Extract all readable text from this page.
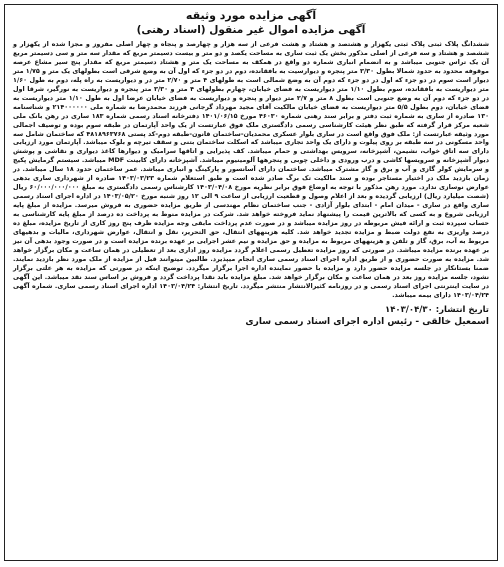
آگهی مزایده مورد وثیقه

آگهی مزایده اموال غیر منقول (اسناد رهنی)

ششدانگ پلاک ثبتی پلاک ثبتی یکهزار و هشتصد و هشتاد و هشت فرعی از سه هزار و چهارصد و پنجاه و چهار اصلی مفروز و مجزا شده از یکهزار و ششصد و هشتاد و سه فرعی از اصلی مذکور بخش یک ثبت ساری به مساحت یکصد و دو متر و بیست دسیمتر مربع که مقدار سه متر و سی دسیمتر مربع آن یک تراس جنوبی میباشد و به انضمام انباری شماره دو واقع در همکف به مساحت یک متر و هشتاد دسیمتر مربع که مقدار پنج سیر مشاع عرصه موقوفه محدود به حدود شمالا بطول ۳/۳۰ متر پنجره و دیوارسیت به بافقانده، دوم در دو جزء که اول آن به وضع شرقی است بطولهای یک متر و ۱/۷۵ متر دیوار است سوم در دو جزء که اول در دو جزء که دوم آن به وضع شمالی است به طولهای ۴ متر و ۲/۷۰ متر در و دیواریست به راه پله، دوم به طول ۱/۶۰ متر دیواریست به بافقانده، سوم بطول ۱/۱۰ متر دیواریست به فضای خیابان، چهارم بطولهای ۴ متر و ۳/۳۰ متر پنجره و دیواریست به نورگیر، شرقا اول در دو جزء که دوم آن به وضع جنوبی است بطول ۸ متر و ۲/۷ متر دیوار و پنجره و دیواریست به فضای خیابان عرضا اول به طول ۱/۱۰ متر دیواریست به فضای خیابان، دوم بطول ۵/۵ متر دیواریست به فضای خیابان مالکیت آقای مجید مهرداد گرجانی فرزند محمدرضا به شماره ملی ۲۱۴۰۰۰۰۰۰ و شناسنامه ۱۳۰ صادره از ساری به شماره ثبت دفتر و برابر سند رهنی شماره ۴۶۰۳۰ مورخ ۱۴۰۱/۰۶/۱۵ دفترخانه اسناد رسمی شماره ۱۸۳ ساری در رهن بانک ملی شعبه مرکز قرار گرفته که طبق نظر هیئت کارشناسی رسمی دادگستری ملک فوق عبارتست از یک واحد آپارتمان در طبقه سوم بوده و توصیف اجمالی مورد وثیقه عبارتست از: ملک فوق واقع است در ساری بلوار عسکری محمدیان-ساختمان قانون-طبقه دوم-کد پستی ۴۸۱۸۹۶۳۷۶۸ که ساختمان شامل سه واحد مسکونی در سه طبقه بر روی پیلوت و دارای یک واحد تجاری میباشد که اسکلت ساختمان بتنی و سقف تیرچه و بلوک میباشد. آپارتمان مورد ارزیابی دارای سه اتاق خواب، نشیمن، آشپزخانه، سرویس بهداشتی و حمام میباشد. کف پذیرایی و اتاقها سرامیک و دیوارها کاغذ دیواری و نقاشی و پوشش دیوار آشپزخانه و سرویسها کاشی و درب ورودی و داخلی چوبی و پنجرهها آلومینیوم میباشد. آشپزخانه دارای کابینت MDF میباشد. سیستم گرمایش پکیج و سرمایش کولر گازی و آب و برق و گاز مشترک میباشد. ساختمان دارای آسانسور و پارکینگ و انباری میباشد. عمر ساختمان حدود ۱۸ سال میباشد. در زمان بازدید ملک در اختیار مستاجر بوده و سند مالکیت تک برگ صادر شده است و طبق استعلام شماره ۱۴۰۳/۰۳/۲۳ صادره از شهرداری ساری بدهی عوارض نوسازی ندارد. مورد رهن مذکور با توجه به اوضاع فوق برابر نظریه مورخ ۱۴۰۳/۰۴/۰۸ کارشناس رسمی دادگستری به مبلغ ۶۰/۰۰۰/۰۰۰/۰۰۰ ریال (شصت میلیارد ریال) ارزیابی گردیده و بعد از اعلام وصول و قطعیت ارزیابی از ساعت ۹ الی ۱۲ روز شنبه مورخ ۱۴۰۳/۰۵/۲۰ در اداره اجرای اسناد رسمی ساری واقع در ساری - میدان امام - ابتدای بلوار آزادی - جنب ساختمان نظام مهندسی از طریق مزایده حضوری به فروش میرسد. مزایده از مبلغ پایه ارزیابی شروع و به کسی که بالاترین قیمت را پیشنهاد نماید فروخته خواهد شد. شرکت در مزایده منوط به پرداخت ده درصد از مبلغ پایه کارشناسی به حساب سپرده ثبت و ارائه فیش مربوطه در روز مزایده میباشد و در صورت عدم پرداخت مابقی وجه مزایده ظرف پنج روز کاری از تاریخ مزایده، مبلغ ده درصد واریزی به نفع دولت ضبط و مزایده تجدید خواهد شد. کلیه هزینههای انتقال، حق التحریر، نقل و انتقال، عوارض شهرداری، مالیات و بدهیهای مربوط به آب، برق، گاز و تلفن و هزینههای مربوط به مزایده و حق مزایده و نیم عشر اجرایی بر عهده برنده مزایده است و در صورت وجود بدهی آن نیز بر عهده برنده مزایده میباشد. در صورتی که روز مزایده تعطیل رسمی اعلام گردد مزایده روز اداری بعد از تعطیلی در همان ساعت و مکان برگزار خواهد شد. مزایده به صورت حضوری و از طریق اداره اجرای اسناد رسمی ساری انجام میپذیرد. طالبین میتوانند قبل از مزایده از ملک مورد نظر بازدید نمایند. ضمنا بستانکار در جلسه مزایده حضور دارد و مزایده با حضور نماینده اداره اجرا برگزار میگردد. توضیح اینکه در صورتی که مزایده به هر علتی برگزار نشود، جلسه مزایده روز بعد در همان ساعت و مکان برگزار خواهد شد. مبلغ مزایده باید نقدا پرداخت گردد و فروش بر اساس سند نقد میباشد. این آگهی در سایت اینترنتی اجرای اسناد رسمی و در روزنامه کثیرالانتشار منتشر میگردد. تاریخ انتشار: ۱۴۰۳/۰۴/۲۴ اداره اجرای اسناد رسمی ساری. شماره آگهی ۱۴۰۳/۰۴/۲۴ دارای بیمه میباشد.

تاریخ انتشار: ۱۴۰۳/۰۴/۳۰

اسمعیل خالقی - رئیس اداره اجرای اسناد رسمی ساری
